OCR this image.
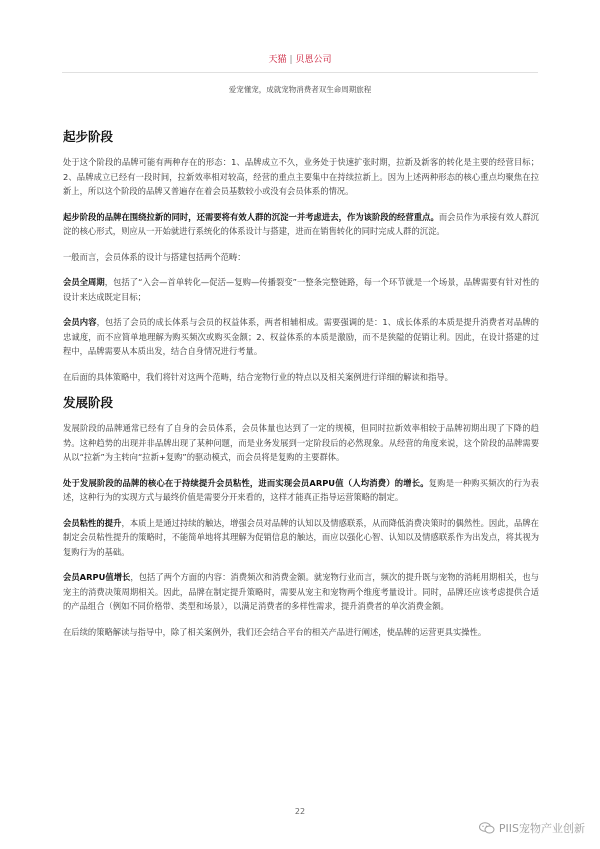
天猫 | 贝恩公司
爱宠懂宠，成就宠物消费者双生命周期旅程
起步阶段

处于这个阶段的品牌可能有两种存在的形态：1、品牌成立不久，业务处于快速扩张时期，拉新及新客的转化是主要的经营目标；2、品牌成立已经有一段时间，拉新效率相对较高，经营的重点主要集中在持续拉新上。因为上述两种形态的核心重点均聚焦在拉新上，所以这个阶段的品牌又普遍存在着会员基数较小或没有会员体系的情况。

起步阶段的品牌在围绕拉新的同时，还需要将有效人群的沉淀一并考虑进去，作为该阶段的经营重点。而会员作为承接有效人群沉淀的核心形式，则应从一开始就进行系统化的体系设计与搭建，进而在销售转化的同时完成人群的沉淀。

一般而言，会员体系的设计与搭建包括两个范畴：

会员全周期，包括了“入会—首单转化—促活—复购—传播裂变”一整条完整链路，每一个环节就是一个场景，品牌需要有针对性的设计来达成既定目标；

会员内容，包括了会员的成长体系与会员的权益体系，两者相辅相成。需要强调的是：1、成长体系的本质是提升消费者对品牌的忠诚度，而不应简单地理解为购买频次或购买金额；2、权益体系的本质是激励，而不是狭隘的促销让利。因此，在设计搭建的过程中，品牌需要从本质出发，结合自身情况进行考量。

在后面的具体策略中，我们将针对这两个范畴，结合宠物行业的特点以及相关案例进行详细的解读和指导。

发展阶段

发展阶段的品牌通常已经有了自身的会员体系，会员体量也达到了一定的规模，但同时拉新效率相较于品牌初期出现了下降的趋势。这种趋势的出现并非品牌出现了某种问题，而是业务发展到一定阶段后的必然现象。从经营的角度来说，这个阶段的品牌需要从以“拉新”为主转向“拉新+复购”的驱动模式，而会员将是复购的主要群体。

处于发展阶段的品牌的核心在于持续提升会员粘性，进而实现会员ARPU值（人均消费）的增长。复购是一种购买频次的行为表述，这种行为的实现方式与最终价值是需要分开来看的，这样才能真正指导运营策略的制定。

会员粘性的提升，本质上是通过持续的触达，增强会员对品牌的认知以及情感联系，从而降低消费决策时的偶然性。因此，品牌在制定会员粘性提升的策略时，不能简单地将其理解为促销信息的触达，而应以强化心智、认知以及情感联系作为出发点，将其视为复购行为的基础。

会员ARPU值增长，包括了两个方面的内容：消费频次和消费金额。就宠物行业而言，频次的提升既与宠物的消耗用期相关，也与宠主的消费决策周期相关。因此，品牌在制定提升策略时，需要从宠主和宠物两个维度考量设计。同时，品牌还应该考虑提供合适的产品组合（例如不同价格带、类型和场景），以满足消费者的多样性需求，提升消费者的单次消费金额。

在后续的策略解读与指导中，除了相关案例外，我们还会结合平台的相关产品进行阐述，使品牌的运营更具实操性。

22
PIIS宠物产业创新
